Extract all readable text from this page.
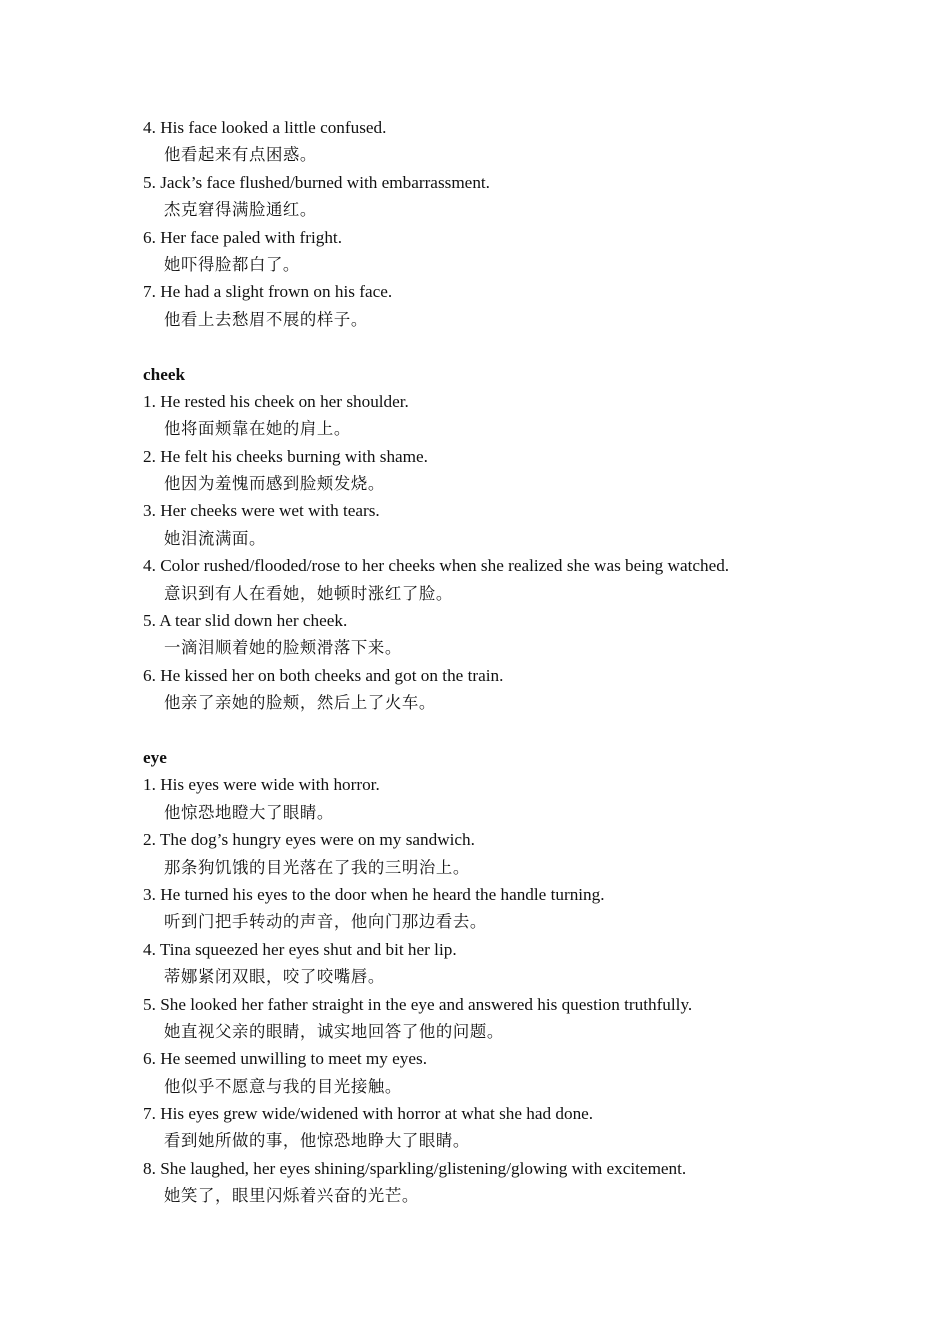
4. His face looked a little confused.
他看起来有点困惑。
5. Jack’s face flushed/burned with embarrassment.
杰克窘得满脸通红。
6. Her face paled with fright.
她吓得脸都白了。
7. He had a slight frown on his face.
他看上去愁眉不展的样子。
cheek
1. He rested his cheek on her shoulder.
他将面颊靠在她的肩上。
2. He felt his cheeks burning with shame.
他因为羞愧而感到脸颊发烧。
3. Her cheeks were wet with tears.
她泪流满面。
4. Color rushed/flooded/rose to her cheeks when she realized she was being watched.
意识到有人在看她，她顿时涨红了脸。
5. A tear slid down her cheek.
一滴泪顺着她的脸颊滑落下来。
6. He kissed her on both cheeks and got on the train.
他亲了亲她的脸颊，然后上了火车。
eye
1. His eyes were wide with horror.
他惊恐地瞪大了眼睛。
2. The dog’s hungry eyes were on my sandwich.
那条狗饥饿的目光落在了我的三明治上。
3. He turned his eyes to the door when he heard the handle turning.
听到门把手转动的声音，他向门那边看去。
4. Tina squeezed her eyes shut and bit her lip.
蒂娜紧闭双眼，咬了咬嘴唇。
5. She looked her father straight in the eye and answered his question truthfully.
她直视父亲的眼睛，诚实地回答了他的问题。
6. He seemed unwilling to meet my eyes.
他似乎不愿意与我的目光接触。
7. His eyes grew wide/widened with horror at what she had done.
看到她所做的事，他惊恐地睁大了眼睛。
8. She laughed, her eyes shining/sparkling/glistening/glowing with excitement.
她笑了，眼里闪烁着兴奋的光芒。
